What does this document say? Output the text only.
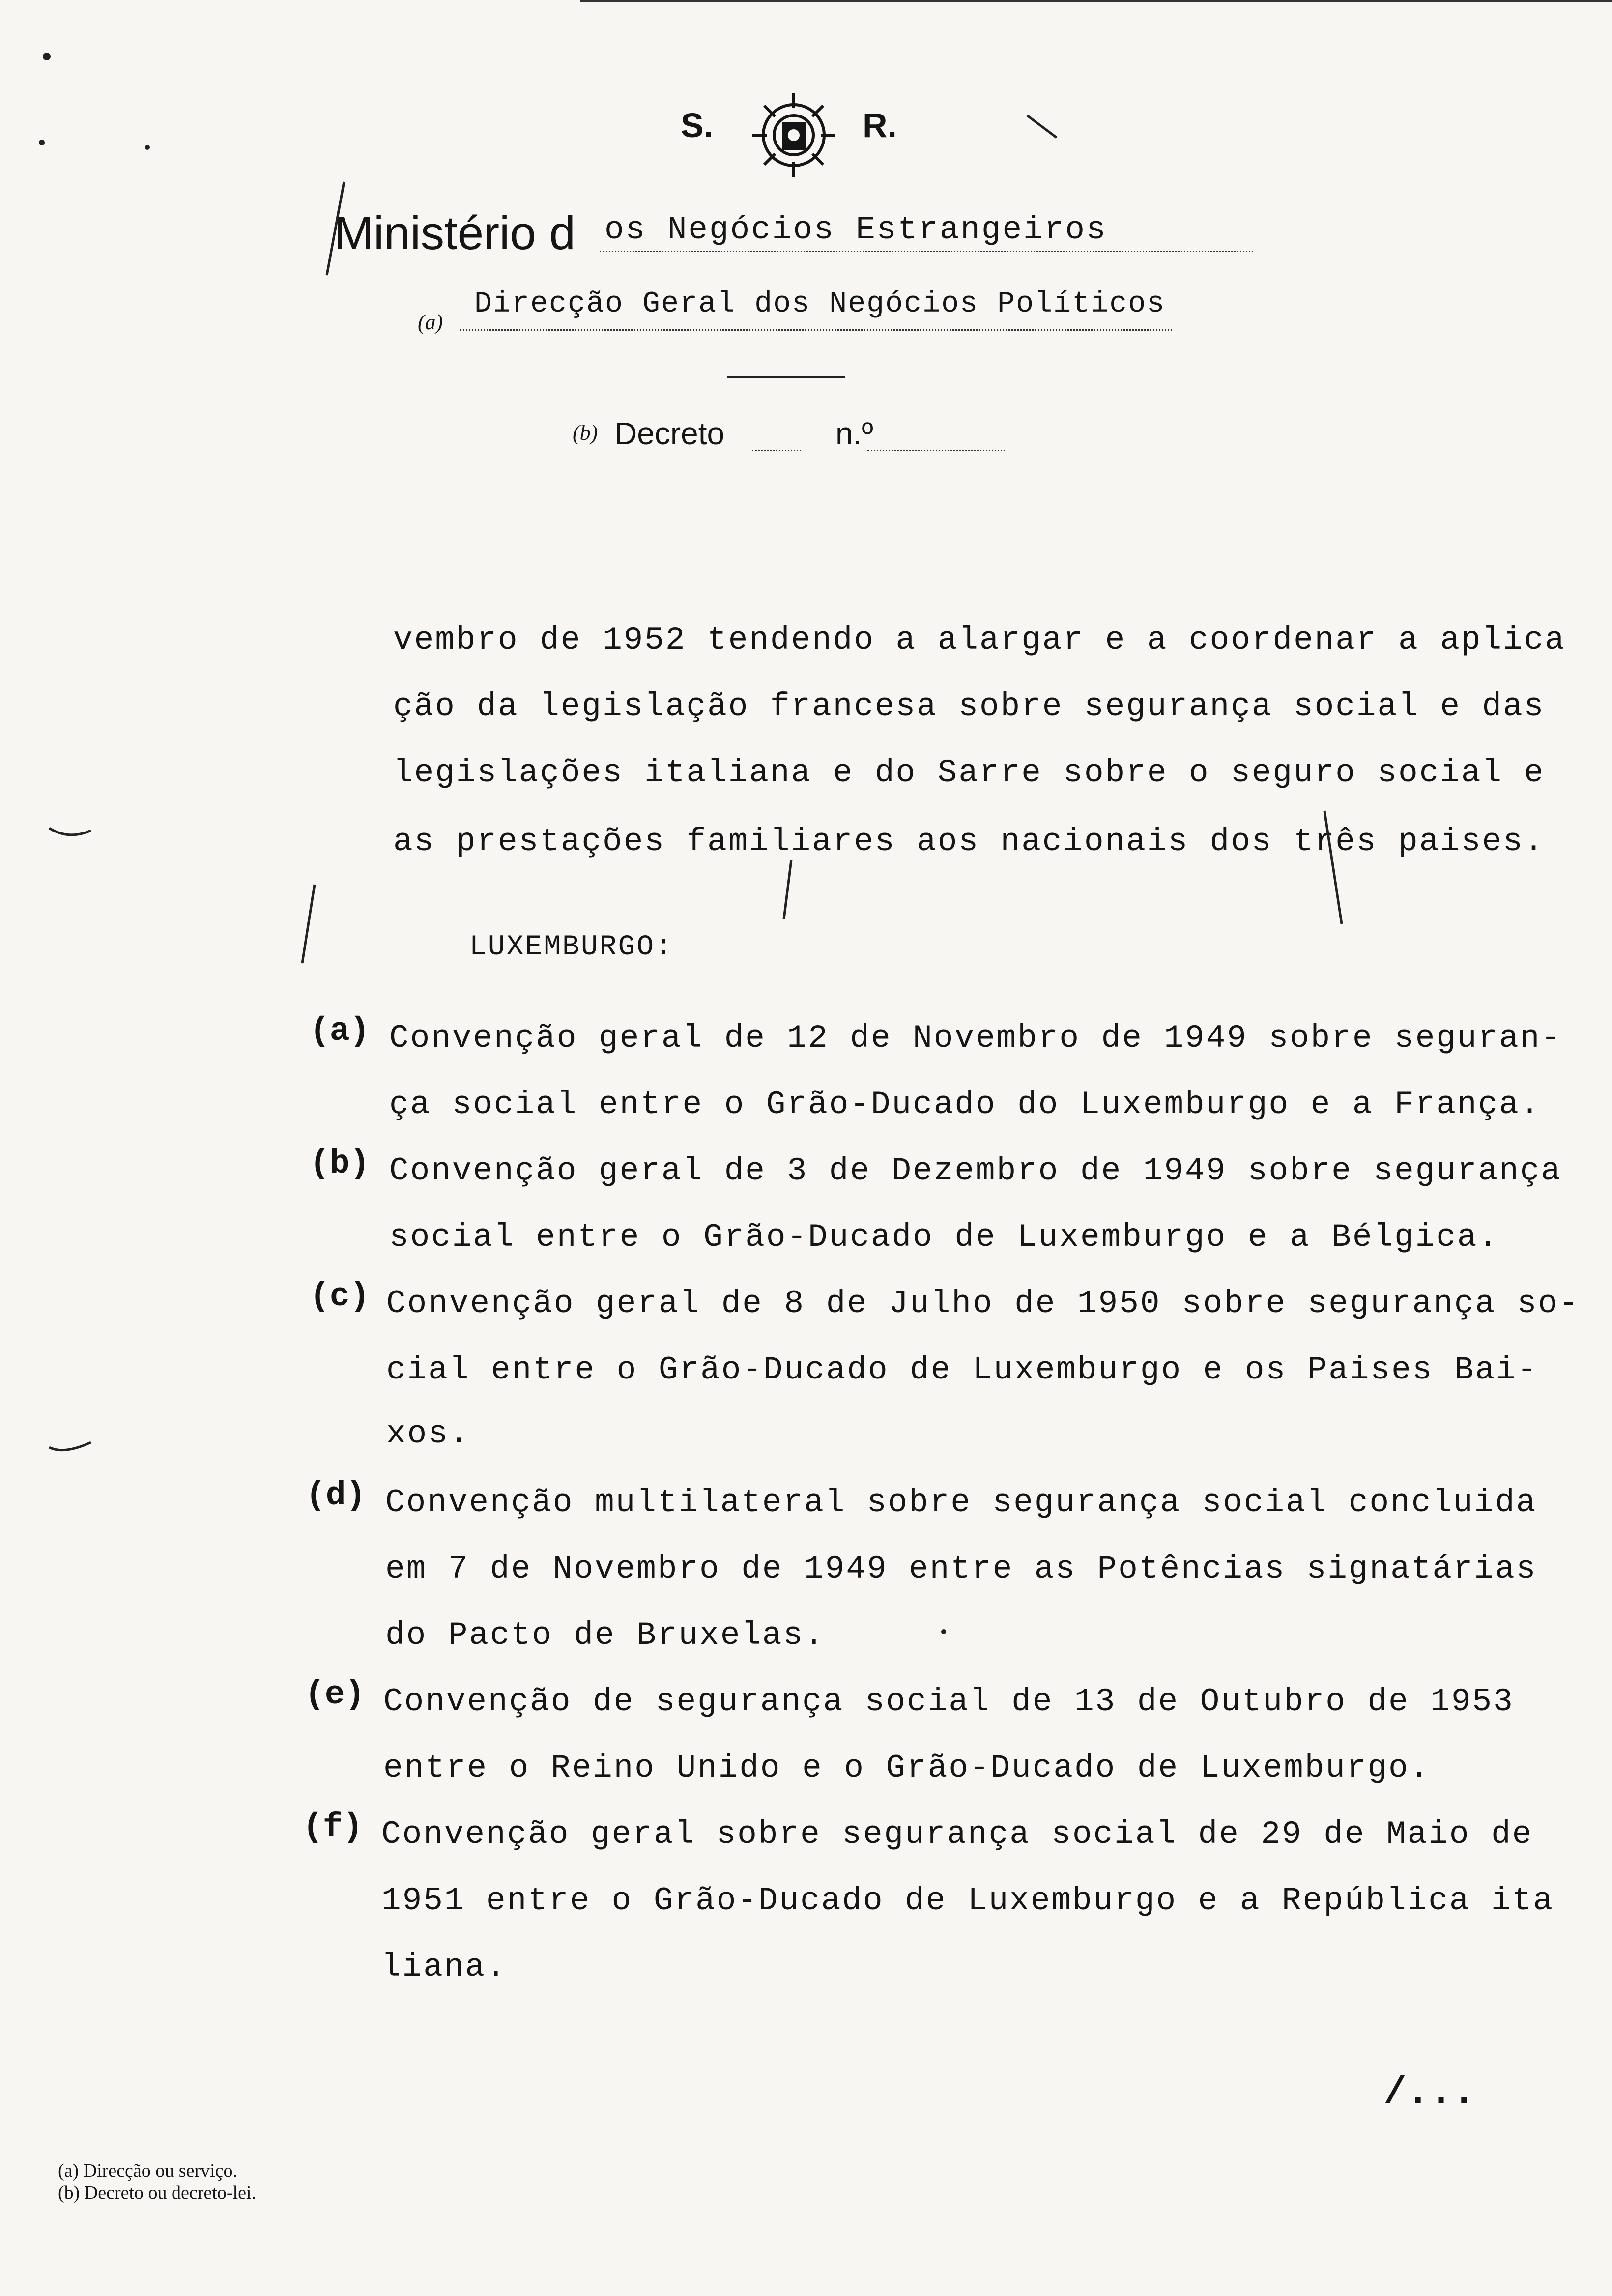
S.	R.
Ministério d os Negócios Estrangeiros
(a)
Direcção Geral dos Negócios Políticos
(b) Decreto	n.º
vembro de 1952 tendendo a alargar e a coordenar a aplica
ção da legislação francesa sobre segurança social e das
legislações italiana e do Sarre sobre o seguro social e
as prestações familiares aos nacionais dos três paises.
LUXEMBURGO:
(a) Convenção geral de 12 de Novembro de 1949 sobre seguran-
ça social entre o Grão-Ducado do Luxemburgo e a França.
(b) Convenção geral de 3 de Dezembro de 1949 sobre segurança
social entre o Grão-Ducado de Luxemburgo e a Bélgica.
(c) Convenção geral de 8 de Julho de 1950 sobre segurança so-
cial entre o Grão-Ducado de Luxemburgo e os Paises Bai-
xos.
(d) Convenção multilateral sobre segurança social concluida
em 7 de Novembro de 1949 entre as Potências signatárias
do Pacto de Bruxelas.
(e) Convenção de segurança social de 13 de Outubro de 1953
entre o Reino Unido e o Grão-Ducado de Luxemburgo.
(f) Convenção geral sobre segurança social de 29 de Maio de
1951 entre o Grão-Ducado de Luxemburgo e a República ita
liana.
/...
(a) Direcção ou serviço.
(b) Decreto ou decreto-lei.
